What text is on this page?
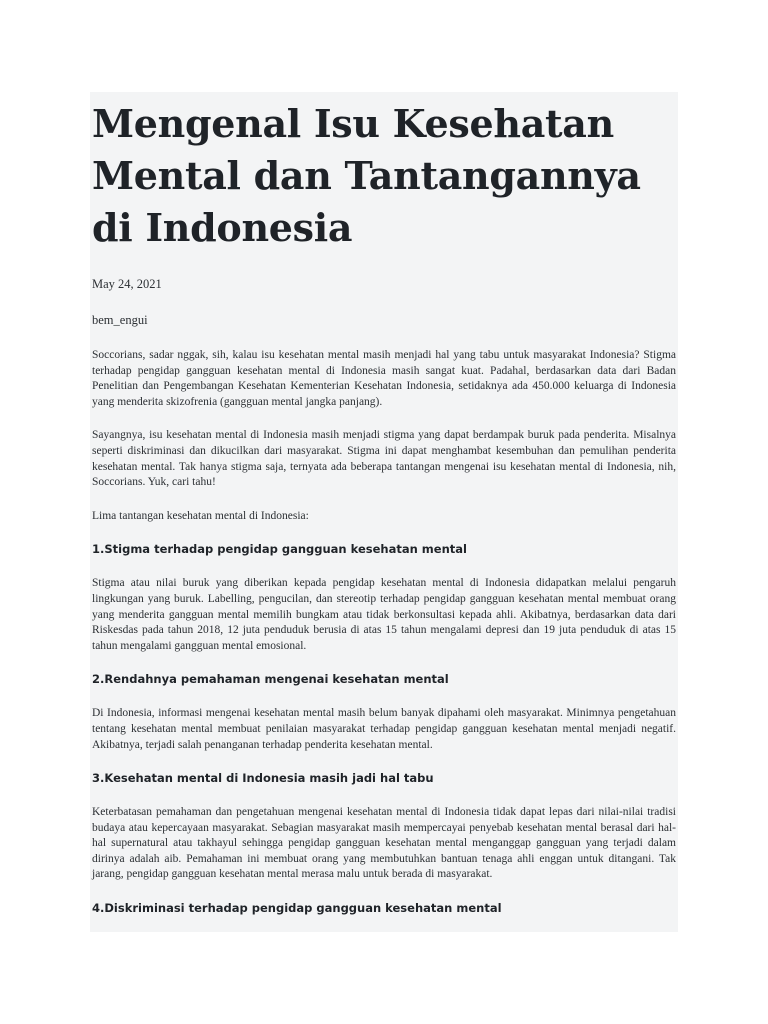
Mengenal Isu Kesehatan Mental dan Tantangannya di Indonesia
May 24, 2021
bem_engui

Soccorians, sadar nggak, sih, kalau isu kesehatan mental masih menjadi hal yang tabu untuk masyarakat Indonesia? Stigma terhadap pengidap gangguan kesehatan mental di Indonesia masih sangat kuat. Padahal, berdasarkan data dari Badan Penelitian dan Pengembangan Kesehatan Kementerian Kesehatan Indonesia, setidaknya ada 450.000 keluarga di Indonesia yang menderita skizofrenia (gangguan mental jangka panjang).

Sayangnya, isu kesehatan mental di Indonesia masih menjadi stigma yang dapat berdampak buruk pada penderita. Misalnya seperti diskriminasi dan dikucilkan dari masyarakat. Stigma ini dapat menghambat kesembuhan dan pemulihan penderita kesehatan mental. Tak hanya stigma saja, ternyata ada beberapa tantangan mengenai isu kesehatan mental di Indonesia, nih, Soccorians. Yuk, cari tahu!

Lima tantangan kesehatan mental di Indonesia:

1.Stigma terhadap pengidap gangguan kesehatan mental

Stigma atau nilai buruk yang diberikan kepada pengidap kesehatan mental di Indonesia didapatkan melalui pengaruh lingkungan yang buruk. Labelling, pengucilan, dan stereotip terhadap pengidap gangguan kesehatan mental membuat orang yang menderita gangguan mental memilih bungkam atau tidak berkonsultasi kepada ahli. Akibatnya, berdasarkan data dari Riskesdas pada tahun 2018, 12 juta penduduk berusia di atas 15 tahun mengalami depresi dan 19 juta penduduk di atas 15 tahun mengalami gangguan mental emosional.

2.Rendahnya pemahaman mengenai kesehatan mental

Di Indonesia, informasi mengenai kesehatan mental masih belum banyak dipahami oleh masyarakat. Minimnya pengetahuan tentang kesehatan mental membuat penilaian masyarakat terhadap pengidap gangguan kesehatan mental menjadi negatif. Akibatnya, terjadi salah penanganan terhadap penderita kesehatan mental.

3.Kesehatan mental di Indonesia masih jadi hal tabu

Keterbatasan pemahaman dan pengetahuan mengenai kesehatan mental di Indonesia tidak dapat lepas dari nilai-nilai tradisi budaya atau kepercayaan masyarakat. Sebagian masyarakat masih mempercayai penyebab kesehatan mental berasal dari hal-hal supernatural atau takhayul sehingga pengidap gangguan kesehatan mental menganggap gangguan yang terjadi dalam dirinya adalah aib. Pemahaman ini membuat orang yang membutuhkan bantuan tenaga ahli enggan untuk ditangani. Tak jarang, pengidap gangguan kesehatan mental merasa malu untuk berada di masyarakat.

4.Diskriminasi terhadap pengidap gangguan kesehatan mental
